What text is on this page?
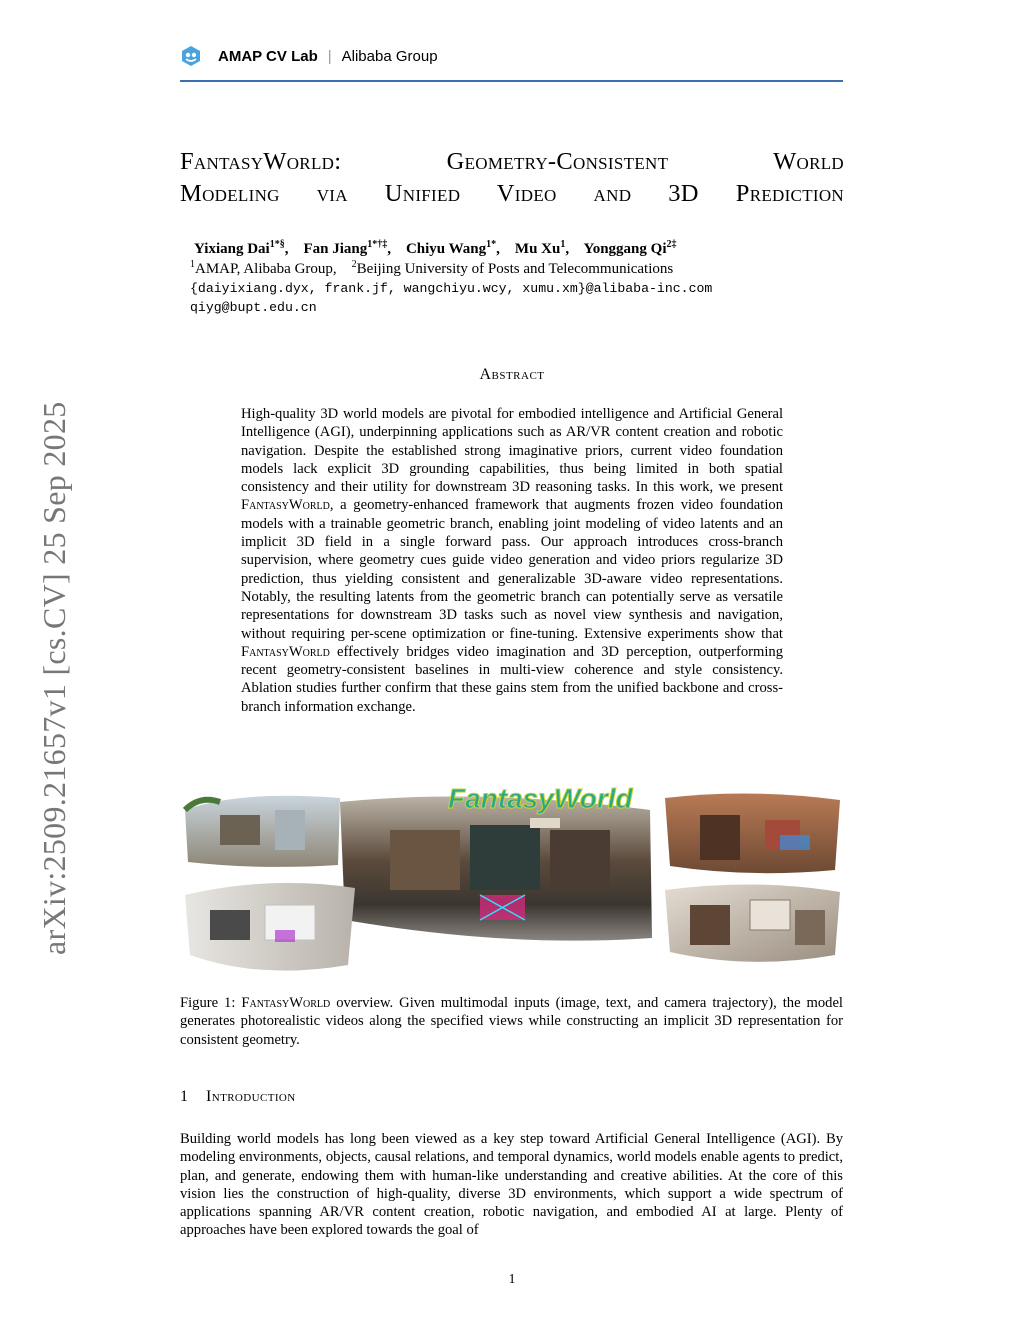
AMAP CV Lab | Alibaba Group
FantasyWorld: Geometry-Consistent World
Modeling via Unified Video and 3D Prediction
Yixiang Dai$^{1*\S}$,    Fan Jiang$^{1*\dagger\ddagger}$,    Chiyu Wang$^{1*}$,    Mu Xu$^1$,    Yonggang $Qi^{2\ddagger}$
$^1$AMAP, Alibaba Group, $^2$Beijing University of Posts and Telecommunications
{daiyixiang.dyx, frank.jf, wangchiyu.wcy, xumu.xm}@alibaba-inc.com
qiyg@bupt.edu.cn
Abstract
High-quality 3D world models are pivotal for embodied intelligence and Artificial General Intelligence (AGI), underpinning applications such as AR/VR content creation and robotic navigation. Despite the established strong imaginative priors, current video foundation models lack explicit 3D grounding capabilities, thus being limited in both spatial consistency and their utility for downstream 3D reasoning tasks. In this work, we present FantasyWorld, a geometry-enhanced framework that augments frozen video foundation models with a trainable geometric branch, enabling joint modeling of video latents and an implicit 3D field in a single forward pass. Our approach introduces cross-branch supervision, where geometry cues guide video generation and video priors regularize 3D prediction, thus yielding consistent and generalizable 3D-aware video representations. Notably, the resulting latents from the geometric branch can potentially serve as versatile representations for downstream 3D tasks such as novel view synthesis and navigation, without requiring per-scene optimization or fine-tuning. Extensive experiments show that FantasyWorld effectively bridges video imagination and 3D perception, outperforming recent geometry-consistent baselines in multi-view coherence and style consistency. Ablation studies further confirm that these gains stem from the unified backbone and cross-branch information exchange.
arXiv:2509.21657v1 [cs.CV] 25 Sep 2025	FantasyWorld
Figure 1: FantasyWorld overview. Given multimodal inputs (image, text, and camera trajectory), the model generates photorealistic videos along the specified views while constructing an implicit 3D representation for consistent geometry.
1 Introduction
Building world models has long been viewed as a key step toward Artificial General Intelligence (AGI). By modeling environments, objects, causal relations, and temporal dynamics, world models enable agents to predict, plan, and generate, endowing them with human-like understanding and creative abilities. At the core of this vision lies the construction of high-quality, diverse 3D environments, which support a wide spectrum of applications spanning AR/VR content creation, robotic navigation, and embodied AI at large. Plenty of approaches have been explored towards the goal of
1
